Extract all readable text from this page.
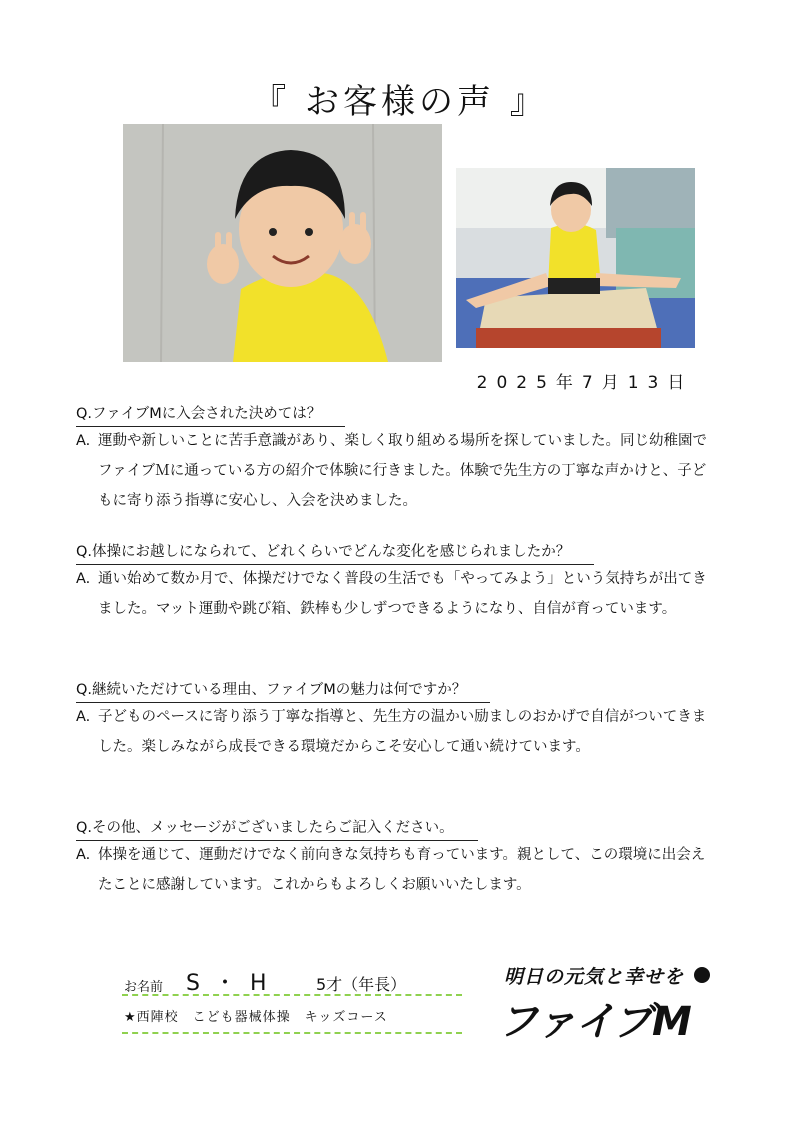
『 お客様の声 』
2025年7月13日
Q.ファイブMに入会された決めては？
A. 運動や新しいことに苦手意識があり、楽しく取り組める場所を探していました。同じ幼稚園でファイブＭに通っている方の紹介で体験に行きました。体験で先生方の丁寧な声かけと、子どもに寄り添う指導に安心し、入会を決めました。
Q.体操にお越しになられて、どれくらいでどんな変化を感じられましたか？
A. 通い始めて数か月で、体操だけでなく普段の生活でも「やってみよう」という気持ちが出てきました。マット運動や跳び箱、鉄棒も少しずつできるようになり、自信が育っています。
Q.継続いただけている理由、ファイブMの魅力は何ですか？
A. 子どものペースに寄り添う丁寧な指導と、先生方の温かい励ましのおかげで自信がついてきました。楽しみながら成長できる環境だからこそ安心して通い続けています。
Q.その他、メッセージがございましたらご記入ください。
A. 体操を通じて、運動だけでなく前向きな気持ちも育っています。親として、この環境に出会えたことに感謝しています。これからもよろしくお願いいたします。
お名前 S・H 5才（年長）
★西陣校　こども器械体操　キッズコース
明日の元気と幸せを
ファイブM
